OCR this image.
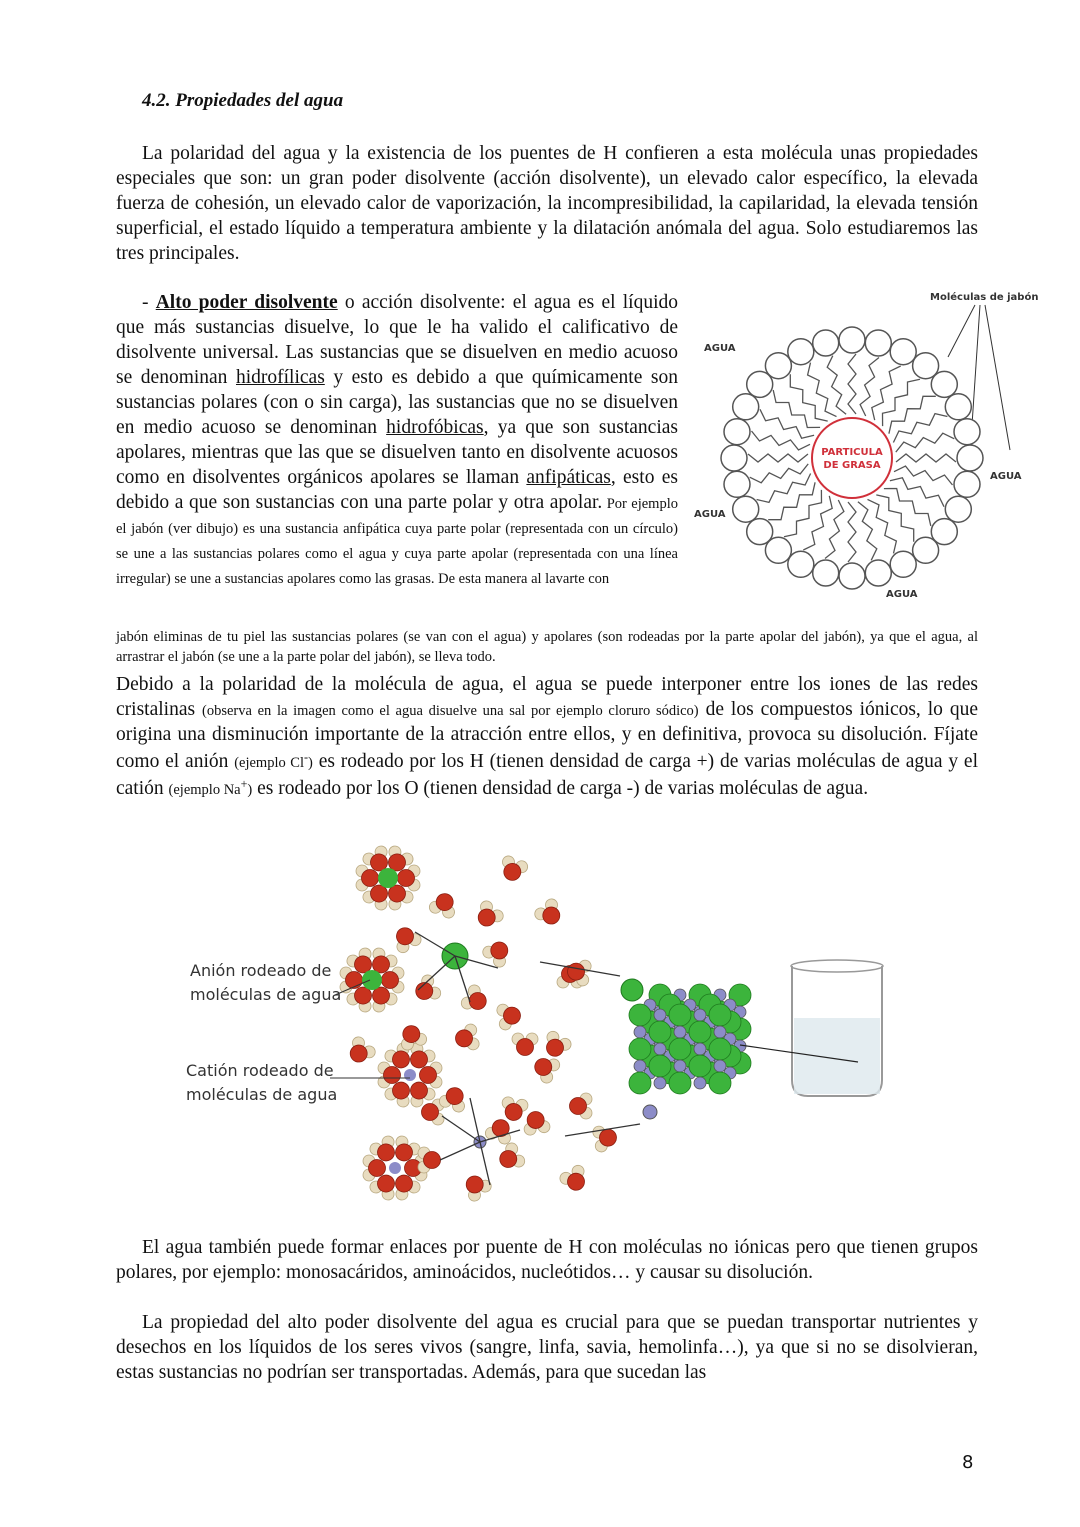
4.2. Propiedades del agua
La polaridad del agua y la existencia de los puentes de H confieren a esta molécula unas propiedades especiales que son: un gran poder disolvente (acción disolvente), un elevado calor específico, la elevada fuerza de cohesión, un elevado calor de vaporización, la incompresibilidad, la capilaridad, la elevada tensión superficial, el estado líquido a temperatura ambiente y la dilatación anómala del agua. Solo estudiaremos las tres principales.
- Alto poder disolvente o acción disolvente: el agua es el líquido que más sustancias disuelve, lo que le ha valido el calificativo de disolvente universal. Las sustancias que se disuelven en medio acuoso se denominan hidrofílicas y esto es debido a que químicamente son sustancias polares (con o sin carga), las sustancias que no se disuelven en medio acuoso se denominan hidrofóbicas, ya que son sustancias apolares, mientras que las que se disuelven tanto en disolvente acuosos como en disolventes orgánicos apolares se llaman anfipáticas, esto es debido a que son sustancias con una parte polar y otra apolar. Por ejemplo el jabón (ver dibujo) es una sustancia anfipática cuya parte polar (representada con un círculo) se une a las sustancias polares como el agua y cuya parte apolar (representada con una línea irregular) se une a sustancias apolares como las grasas. De esta manera al lavarte con
jabón eliminas de tu piel las sustancias polares (se van con el agua) y apolares (son rodeadas por la parte apolar del jabón), ya que el agua, al arrastrar el jabón (se une a la parte polar del jabón), se lleva todo.
Moléculas de jabón
AGUA
AGUA
AGUA
AGUA
PARTICULA
DE GRASA
Debido a la polaridad de la molécula de agua, el agua se puede interponer entre los iones de las redes cristalinas (observa en la imagen como el agua disuelve una sal por ejemplo cloruro sódico) de los compuestos iónicos, lo que origina una disminución importante de la atracción entre ellos, y en definitiva, provoca su disolución. Fíjate como el anión (ejemplo Cl-) es rodeado por los H (tienen densidad de carga +) de varias moléculas de agua y el catión (ejemplo Na+) es rodeado por los O (tienen densidad de carga -) de varias moléculas de agua.
Anión rodeado de
moléculas de agua
Catión rodeado de
moléculas de agua
El agua también puede formar enlaces por puente de H con moléculas no iónicas pero que tienen grupos polares, por ejemplo: monosacáridos, aminoácidos, nucleótidos… y causar su disolución.
La propiedad del alto poder disolvente del agua es crucial para que se puedan transportar nutrientes y desechos en los líquidos de los seres vivos (sangre, linfa, savia, hemolinfa…), ya que si no se disolvieran, estas sustancias no podrían ser transportadas. Además, para que sucedan las
8
